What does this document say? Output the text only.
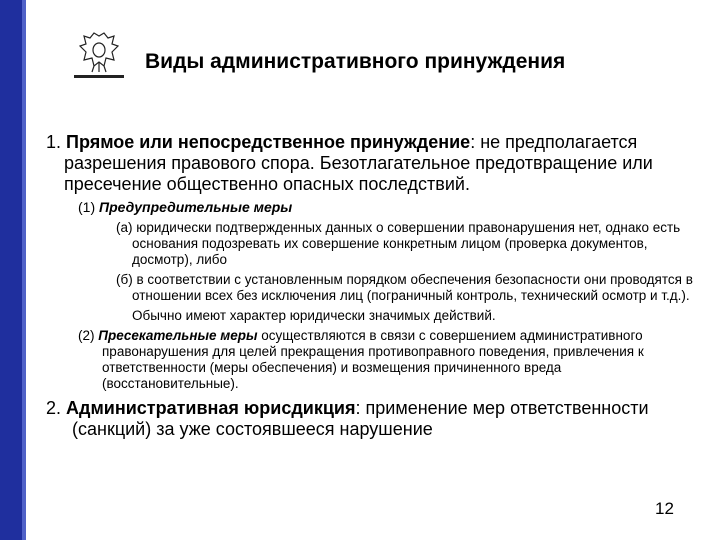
Виды административного принуждения

1. Прямое или непосредственное принуждение: не предполагается разрешения правового спора. Безотлагательное предотвращение или пресечение общественно опасных последствий.

(1) Предупредительные меры

(а) юридически подтвержденных данных о совершении правонарушения нет, однако есть основания подозревать их совершение конкретным лицом (проверка документов, досмотр), либо

(б) в соответствии с установленным порядком обеспечения безопасности они проводятся в отношении всех без исключения лиц (пограничный контроль, технический осмотр и т.д.).

Обычно имеют характер юридически значимых действий.

(2) Пресекательные меры осуществляются в связи с совершением административного правонарушения для целей прекращения противоправного поведения, привлечения к ответственности (меры обеспечения) и возмещения причиненного вреда (восстановительные).

2. Административная юрисдикция: применение мер ответственности (санкций) за уже состоявшееся нарушение

12
